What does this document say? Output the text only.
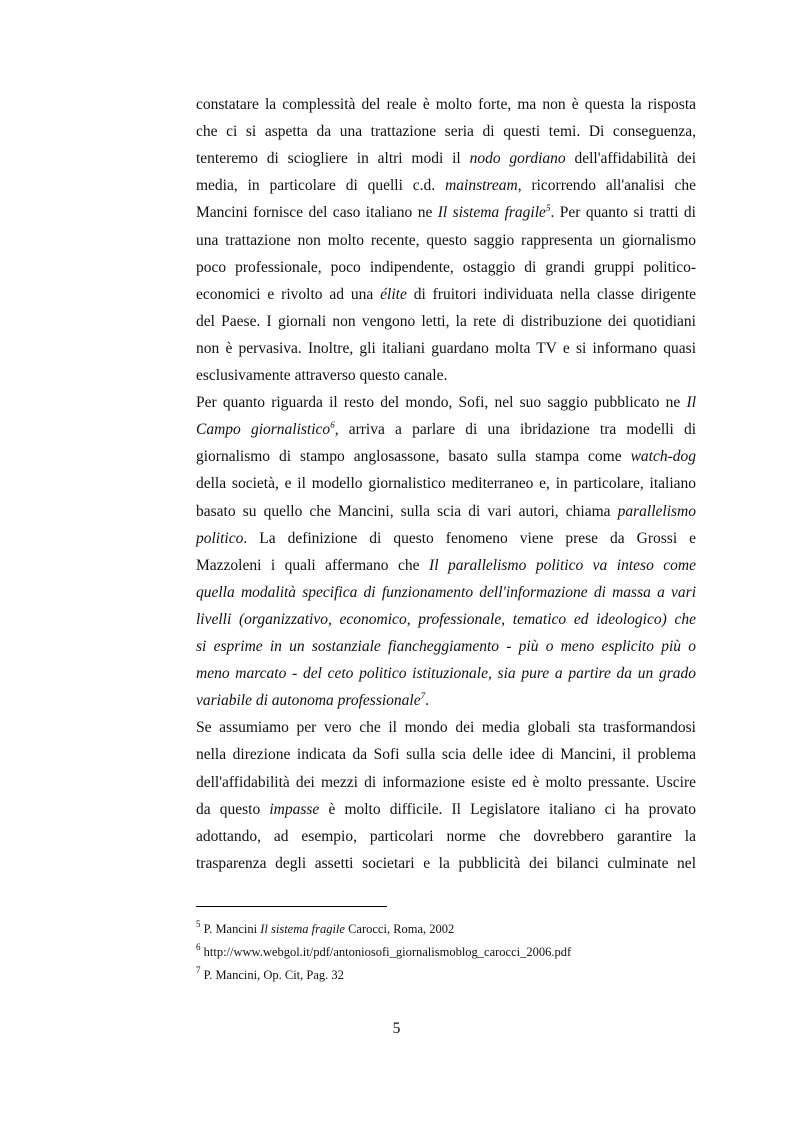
constatare la complessità del reale è molto forte, ma non è questa la risposta
che ci si aspetta da una trattazione seria di questi temi. Di conseguenza,
tenteremo di sciogliere in altri modi il nodo gordiano dell'affidabilità dei
media, in particolare di quelli c.d. mainstream, ricorrendo all'analisi che
Mancini fornisce del caso italiano ne Il sistema fragile$^5$. Per quanto si tratti di
una trattazione non molto recente, questo saggio rappresenta un giornalismo
poco professionale, poco indipendente, ostaggio di grandi gruppi politico-
economici e rivolto ad una élite di fruitori individuata nella classe dirigente
del Paese. I giornali non vengono letti, la rete di distribuzione dei quotidiani
non è pervasiva. Inoltre, gli italiani guardano molta TV e si informano quasi
esclusivamente attraverso questo canale.
Per quanto riguarda il resto del mondo, Sofi, nel suo saggio pubblicato ne Il
Campo giornalistico$^6$, arriva a parlare di una ibridazione tra modelli di
giornalismo di stampo anglosassone, basato sulla stampa come watch-dog
della società, e il modello giornalistico mediterraneo e, in particolare, italiano
basato su quello che Mancini, sulla scia di vari autori, chiama parallelismo
politico. La definizione di questo fenomeno viene prese da Grossi e
Mazzoleni i quali affermano che Il parallelismo politico va inteso come
quella modalità specifica di funzionamento dell'informazione di massa a vari
livelli (organizzativo, economico, professionale, tematico ed ideologico) che
si esprime in un sostanziale fiancheggiamento - più o meno esplicito più o
meno marcato - del ceto politico istituzionale, sia pure a partire da un grado
variabile di autonoma professionale$^7$.
Se assumiamo per vero che il mondo dei media globali sta trasformandosi
nella direzione indicata da Sofi sulla scia delle idee di Mancini, il problema
dell'affidabilità dei mezzi di informazione esiste ed è molto pressante. Uscire
da questo impasse è molto difficile. Il Legislatore italiano ci ha provato
adottando, ad esempio, particolari norme che dovrebbero garantire la
trasparenza degli assetti societari e la pubblicità dei bilanci culminate nel
$^5$ P. Mancini Il sistema fragile Carocci, Roma, 2002
$^6$ http://www.webgol.it/pdf/antoniosofi_giornalismoblog_carocci_2006.pdf
$^7$ P. Mancini, Op. Cit, Pag. 32
5
